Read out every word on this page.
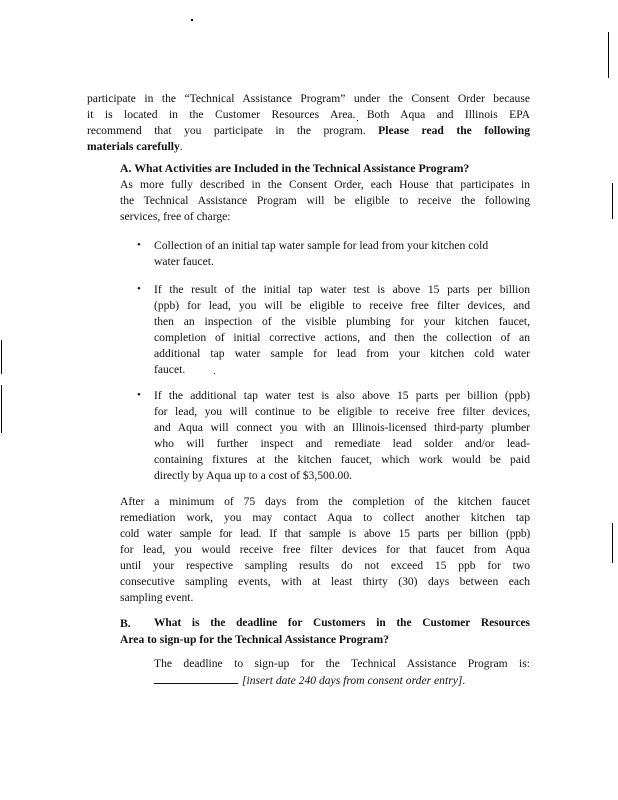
participate in the “Technical Assistance Program” under the Consent Order because
it is located in the Customer Resources Area. Both Aqua and Illinois EPA
recommend that you participate in the program. Please read the following
materials carefully.
A. What Activities are Included in the Technical Assistance Program?
As more fully described in the Consent Order, each House that participates in
the Technical Assistance Program will be eligible to receive the following
services, free of charge:
• Collection of an initial tap water sample for lead from your kitchen cold
water faucet.
• If the result of the initial tap water test is above 15 parts per billion
(ppb) for lead, you will be eligible to receive free filter devices, and
then an inspection of the visible plumbing for your kitchen faucet,
completion of initial corrective actions, and then the collection of an
additional tap water sample for lead from your kitchen cold water
faucet.
• If the additional tap water test is also above 15 parts per billion (ppb)
for lead, you will continue to be eligible to receive free filter devices,
and Aqua will connect you with an Illinois-licensed third-party plumber
who will further inspect and remediate lead solder and/or lead-
containing fixtures at the kitchen faucet, which work would be paid
directly by Aqua up to a cost of $3,500.00.
After a minimum of 75 days from the completion of the kitchen faucet
remediation work, you may contact Aqua to collect another kitchen tap
cold water sample for lead. If that sample is above 15 parts per billion (ppb)
for lead, you would receive free filter devices for that faucet from Aqua
until your respective sampling results do not exceed 15 ppb for two
consecutive sampling events, with at least thirty (30) days between each
sampling event.
B. What is the deadline for Customers in the Customer Resources
Area to sign-up for the Technical Assistance Program?
The deadline to sign-up for the Technical Assistance Program is:
[insert date 240 days from consent order entry].
